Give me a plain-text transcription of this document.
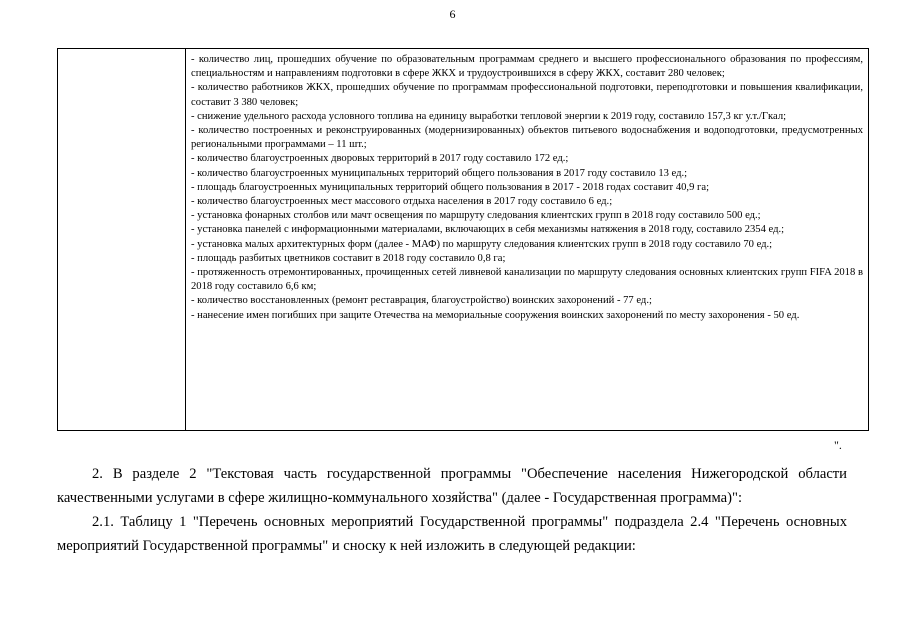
6

- количество лиц, прошедших обучение по образовательным программам среднего и высшего профессионального образования по профессиям, специальностям и направлениям подготовки в сфере ЖКХ и трудоустроившихся в сферу ЖКХ, составит 280 человек;

- количество работников ЖКХ, прошедших обучение по программам профессиональной подготовки, переподготовки и повышения квалификации, составит 3 380 человек;

- снижение удельного расхода условного топлива на единицу выработки тепловой энергии к 2019 году, составило 157,3 кг у.т./Гкал;

- количество построенных и реконструированных (модернизированных) объектов питьевого водоснабжения и водоподготовки, предусмотренных региональными программами – 11 шт.;

- количество благоустроенных дворовых территорий в 2017 году составило 172 ед.;

- количество благоустроенных муниципальных территорий общего пользования в 2017 году составило 13 ед.;

- площадь благоустроенных муниципальных территорий общего пользования в 2017 - 2018 годах составит 40,9 га;

- количество благоустроенных мест массового отдыха населения в 2017 году составило 6 ед.;

- установка фонарных столбов или мачт освещения по маршруту следования клиентских групп в 2018 году составило 500 ед.;

- установка панелей с информационными материалами, включающих в себя механизмы натяжения в 2018 году, составило 2354 ед.;

- установка малых архитектурных форм (далее - МАФ) по маршруту следования клиентских групп в 2018 году составило 70 ед.;

- площадь разбитых цветников составит в 2018 году составило 0,8 га;

- протяженность отремонтированных, прочищенных сетей ливневой канализации по маршруту следования основных клиентских групп FIFA 2018 в 2018 году составило 6,6 км;

- количество восстановленных (ремонт реставрация, благоустройство) воинских захоронений - 77 ед.;

- нанесение имен погибших при защите Отечества на мемориальные сооружения воинских захоронений по месту захоронения - 50 ед.

".

2. В разделе 2 "Текстовая часть государственной программы "Обеспечение населения Нижегородской области качественными услугами в сфере жилищно-коммунального хозяйства" (далее - Государственная программа)":

2.1. Таблицу 1 "Перечень основных мероприятий Государственной программы" подраздела 2.4 "Перечень основных мероприятий Государственной программы" и сноску к ней изложить в следующей редакции:
